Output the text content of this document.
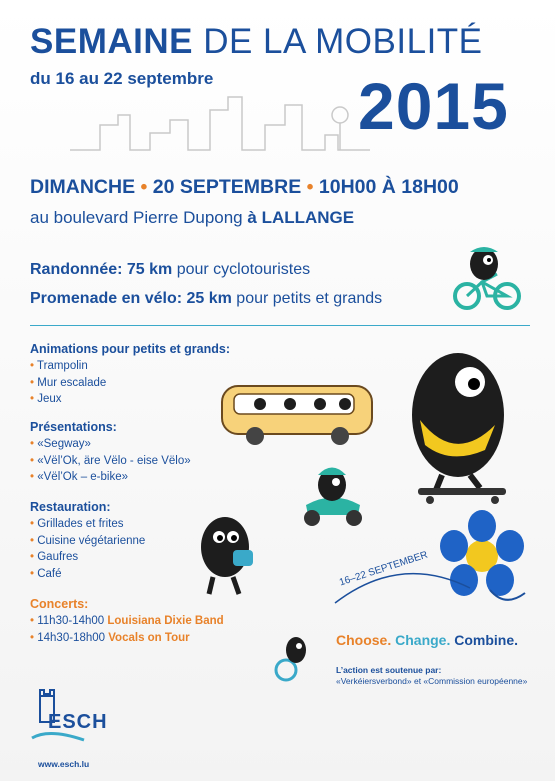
SEMAINE DE LA MOBILITÉ
du 16 au 22 septembre 2015
DIMANCHE • 20 SEPTEMBRE • 10H00 À 18H00
au boulevard Pierre Dupong à LALLANGE
Randonnée: 75 km pour cyclotouristes
Promenade en vélo: 25 km pour petits et grands
Animations pour petits et grands:
• Trampolin
• Mur escalade
• Jeux
Présentations:
• «Segway»
• «Vël’Ok, äre Vëlo - eise Vëlo»
• «Vël’Ok – e-bike»
Restauration:
• Grillades et frites
• Cuisine végétarienne
• Gaufres
• Café
Concerts:
• 11h30-14h00 Louisiana Dixie Band
• 14h30-18h00 Vocals on Tour
16–22 SEPTEMBER
Choose. Change. Combine.
L’action est soutenue par:
«Verkéiersverbond» et «Commission européenne»
ESCH
www.esch.lu
